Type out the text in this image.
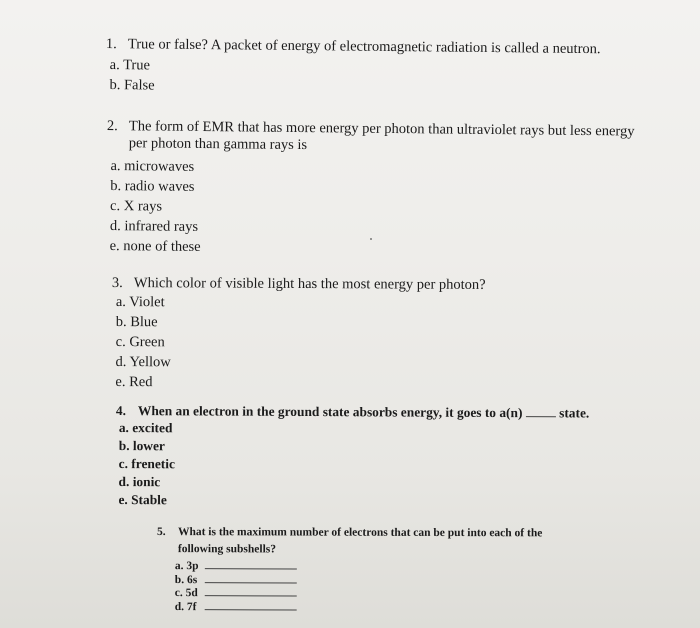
1. True or false? A packet of energy of electromagnetic radiation is called a neutron.
a. True
b. False
2. The form of EMR that has more energy per photon than ultraviolet rays but less energy
per photon than gamma rays is
a. microwaves
b. radio waves
c. X rays
d. infrared rays
e. none of these
3. Which color of visible light has the most energy per photon?
a. Violet
b. Blue
c. Green
d. Yellow
e. Red
4. When an electron in the ground state absorbs energy, it goes to a(n)	state.
a. excited
b. lower
c. frenetic
d. ionic
e. Stable
5.	What is the maximum number of electrons that can be put into each of the
following subshells?
a. 3p
b. 6s
c. 5d
d. 7f
